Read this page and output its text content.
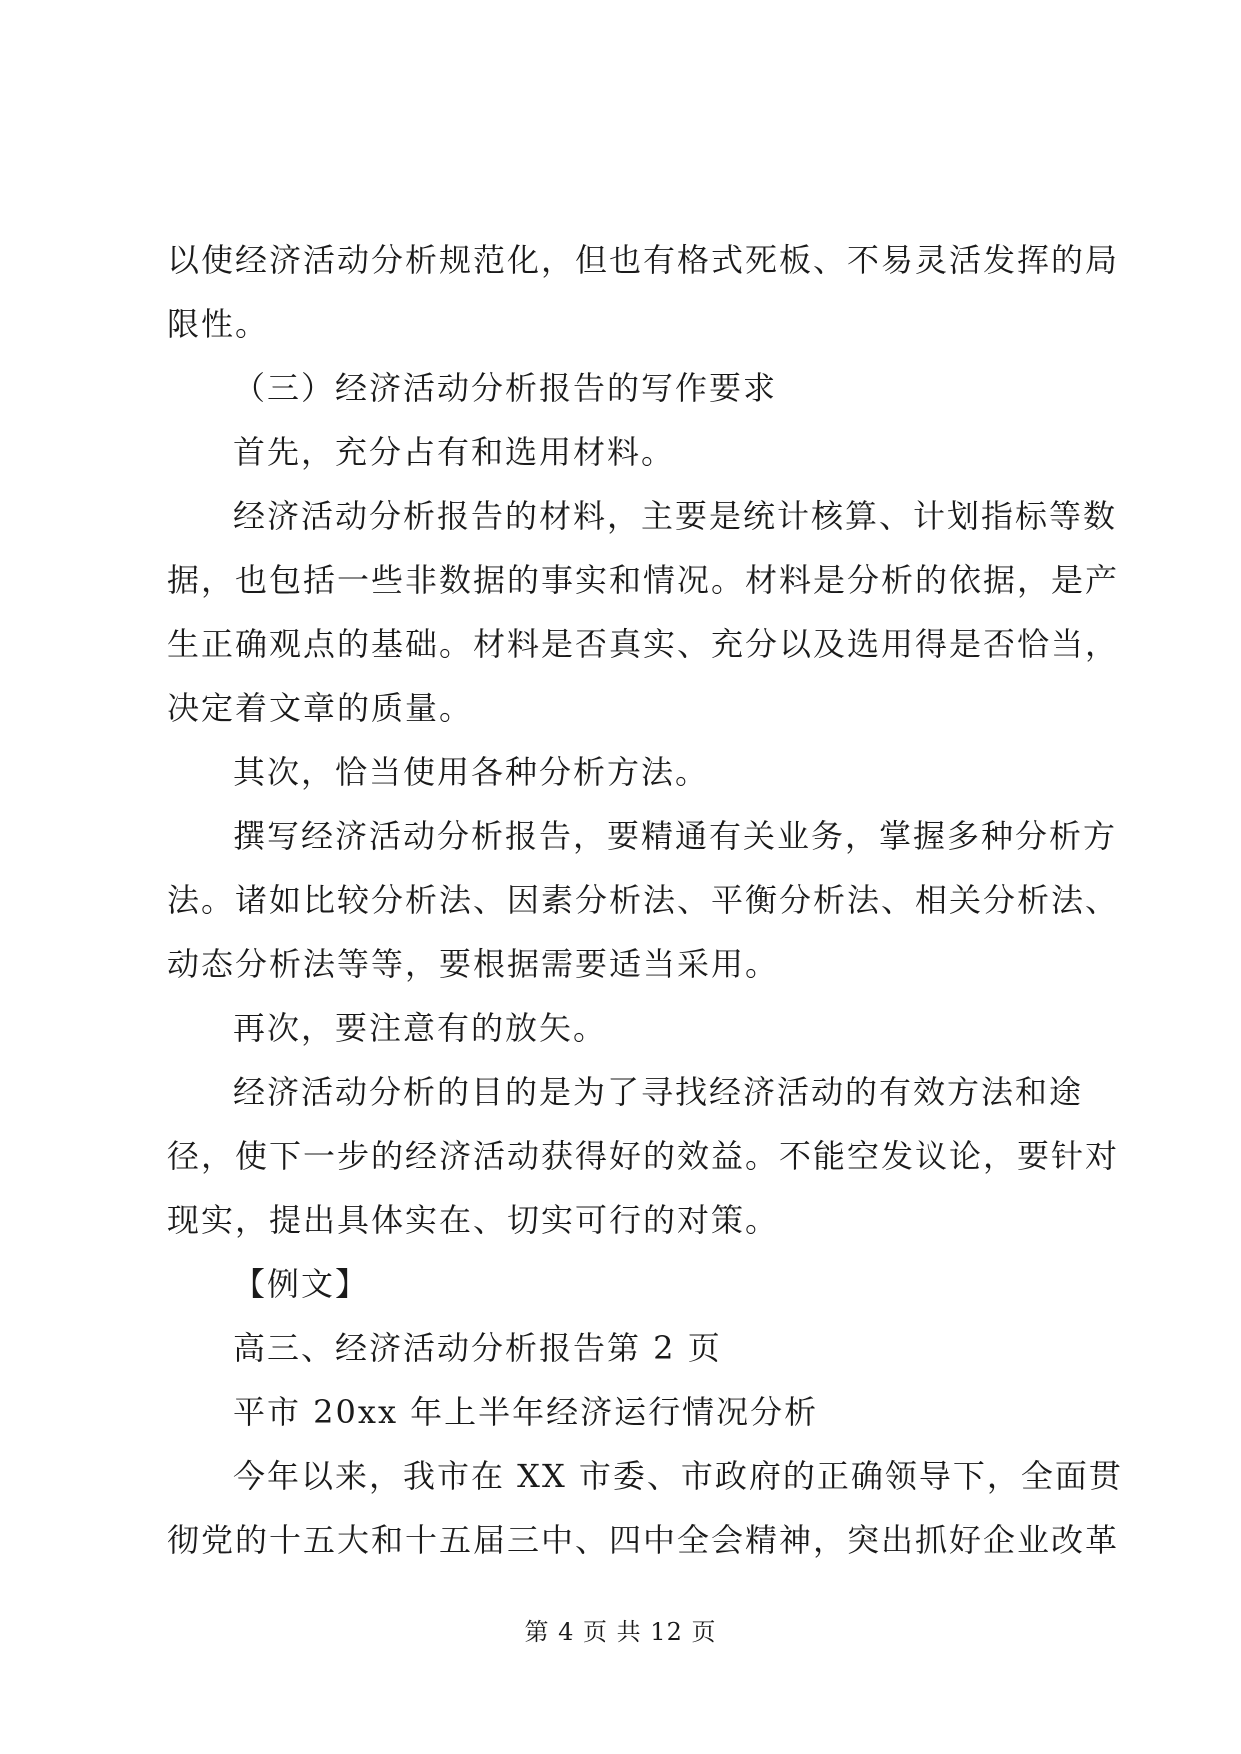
以使经济活动分析规范化，但也有格式死板、不易灵活发挥的局
限性。
（三）经济活动分析报告的写作要求
首先，充分占有和选用材料。
经济活动分析报告的材料，主要是统计核算、计划指标等数
据，也包括一些非数据的事实和情况。材料是分析的依据，是产
生正确观点的基础。材料是否真实、充分以及选用得是否恰当，
决定着文章的质量。
其次，恰当使用各种分析方法。
撰写经济活动分析报告，要精通有关业务，掌握多种分析方
法。诸如比较分析法、因素分析法、平衡分析法、相关分析法、
动态分析法等等，要根据需要适当采用。
再次，要注意有的放矢。
经济活动分析的目的是为了寻找经济活动的有效方法和途
径，使下一步的经济活动获得好的效益。不能空发议论，要针对
现实，提出具体实在、切实可行的对策。
【例文】
高三、经济活动分析报告第 2 页
平市 20xx 年上半年经济运行情况分析
今年以来，我市在 XX 市委、市政府的正确领导下，全面贯
彻党的十五大和十五届三中、四中全会精神，突出抓好企业改革
第 4 页 共 12 页
